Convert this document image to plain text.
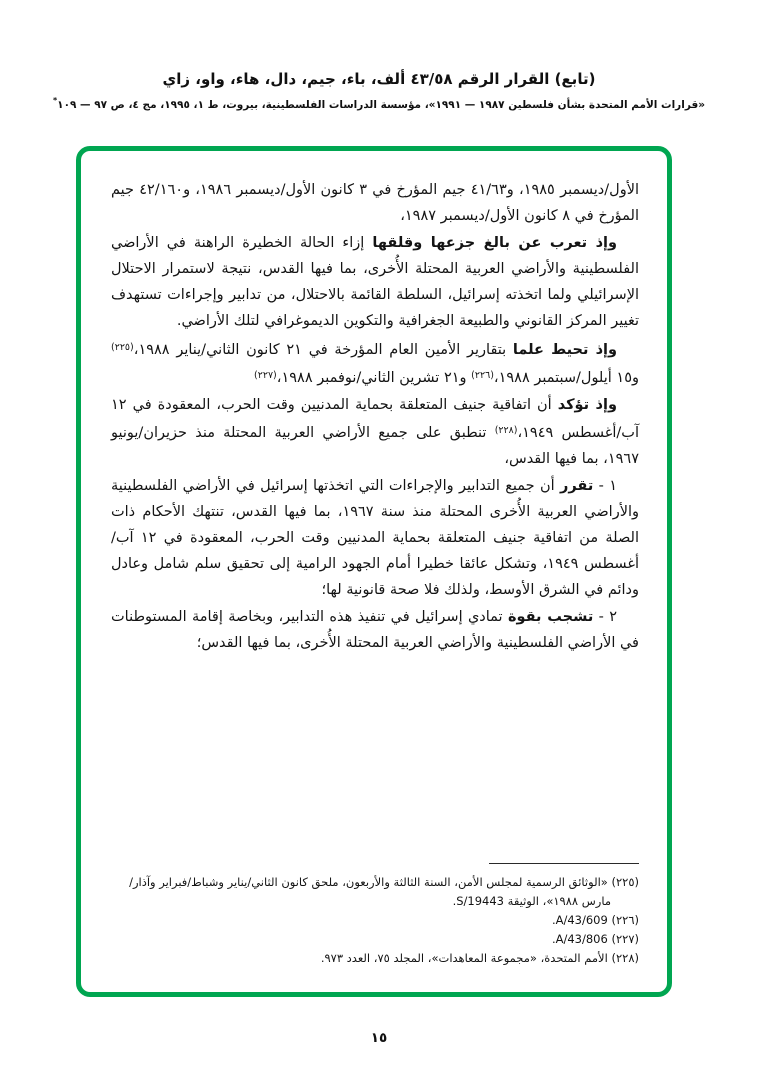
(تابع) القرار الرقم ٤٣/٥٨ ألف، باء، جيم، دال، هاء، واو، زاي
«قرارات الأمم المتحدة بشأن فلسطين ١٩٨٧ — ١٩٩١»، مؤسسة الدراسات الفلسطينية، بيروت، ط ١، ١٩٩٥، مج ٤، ص ٩٧ — ١٠٩*

الأول/ديسمبر ١٩٨٥، و٤١/٦٣ جيم المؤرخ في ٣ كانون الأول/ديسمبر ١٩٨٦، و٤٢/١٦٠ جيم المؤرخ في ٨ كانون الأول/ديسمبر ١٩٨٧،

وإذ تعرب عن بالغ جزعها وقلقها إزاء الحالة الخطيرة الراهنة في الأراضي الفلسطينية والأراضي العربية المحتلة الأُخرى، بما فيها القدس، نتيجة لاستمرار الاحتلال الإسرائيلي ولما اتخذته إسرائيل، السلطة القائمة بالاحتلال، من تدابير وإجراءات تستهدف تغيير المركز القانوني والطبيعة الجغرافية والتكوين الديموغرافي لتلك الأراضي.

وإذ تحيط علما بتقارير الأمين العام المؤرخة في ٢١ كانون الثاني/يناير ١٩٨٨،$^{(٢٢٥)}$ و١٥ أيلول/سبتمبر ١٩٨٨،$^{(٢٢٦)}$ و٢١ تشرين الثاني/نوفمبر ١٩٨٨،$^{(٢٢٧)}$

وإذ تؤكد أن اتفاقية جنيف المتعلقة بحماية المدنيين وقت الحرب، المعقودة في ١٢ آب/أغسطس ١٩٤٩،$^{(٢٢٨)}$ تنطبق على جميع الأراضي العربية المحتلة منذ حزيران/يونيو ١٩٦٧، بما فيها القدس،

١ - تقرر أن جميع التدابير والإجراءات التي اتخذتها إسرائيل في الأراضي الفلسطينية والأراضي العربية الأُخرى المحتلة منذ سنة ١٩٦٧، بما فيها القدس، تنتهك الأحكام ذات الصلة من اتفاقية جنيف المتعلقة بحماية المدنيين وقت الحرب، المعقودة في ١٢ آب/أغسطس ١٩٤٩، وتشكل عائقا خطيرا أمام الجهود الرامية إلى تحقيق سلم شامل وعادل ودائم في الشرق الأوسط، ولذلك فلا صحة قانونية لها؛

٢ - تشجب بقوة تمادي إسرائيل في تنفيذ هذه التدابير، وبخاصة إقامة المستوطنات في الأراضي الفلسطينية والأراضي العربية المحتلة الأُخرى، بما فيها القدس؛

(٢٢٥) «الوثائق الرسمية لمجلس الأمن، السنة الثالثة والأربعون، ملحق كانون الثاني/يناير وشباط/فبراير وآذار/مارس ١٩٨٨»، الوثيقة S/19443.
(٢٢٦) A/43/609.
(٢٢٧) A/43/806.
(٢٢٨) الأمم المتحدة، «مجموعة المعاهدات»، المجلد ٧٥، العدد ٩٧٣.
١٥
